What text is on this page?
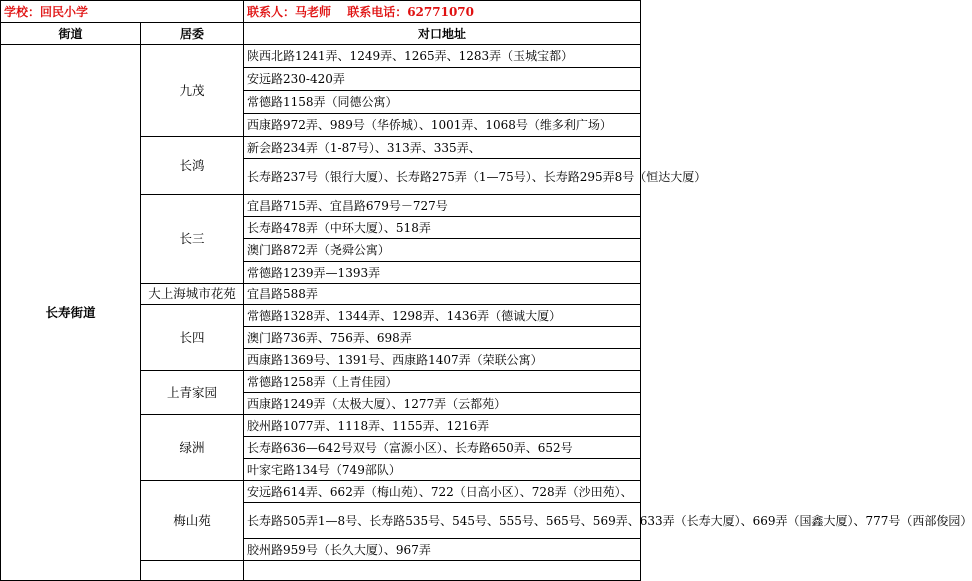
学校：回民小学		联系人：马老师　 联系电话：62771070
街道	居委	对口地址
长寿街道	九茂	陕西北路1241弄、1249弄、1265弄、1283弄（玉城宝都）
		安远路230-420弄
		常德路1158弄（同德公寓）
		西康路972弄、989号（华侨城）、1001弄、1068号（维多利广场）
	长鸿	新会路234弄（1-87号）、313弄、335弄、
		长寿路237号（银行大厦）、长寿路275弄（1—75号）、长寿路295弄8号（恒达大厦）
	长三	宜昌路715弄、宜昌路679号－727号
		长寿路478弄（中环大厦）、518弄
		澳门路872弄（尧舜公寓）
		常德路1239弄—1393弄
	大上海城市花苑	宜昌路588弄
	长四	常德路1328弄、1344弄、1298弄、1436弄（德诚大厦）
		澳门路736弄、756弄、698弄
		西康路1369号、1391号、西康路1407弄（荣联公寓）
	上青家园	常德路1258弄（上青佳园）
		西康路1249弄（太极大厦）、1277弄（云都苑）
	绿洲	胶州路1077弄、1118弄、1155弄、1216弄
		长寿路636—642号双号（富源小区）、长寿路650弄、652号
		叶家宅路134号（749部队）
	梅山苑	安远路614弄、662弄（梅山苑）、722（日高小区）、728弄（沙田苑）、
		长寿路505弄1—8号、长寿路535号、545号、555号、565号、569弄、633弄（长寿大厦）、669弄（国鑫大厦）、777号（西部俊园）
		胶州路959号（长久大厦）、967弄
